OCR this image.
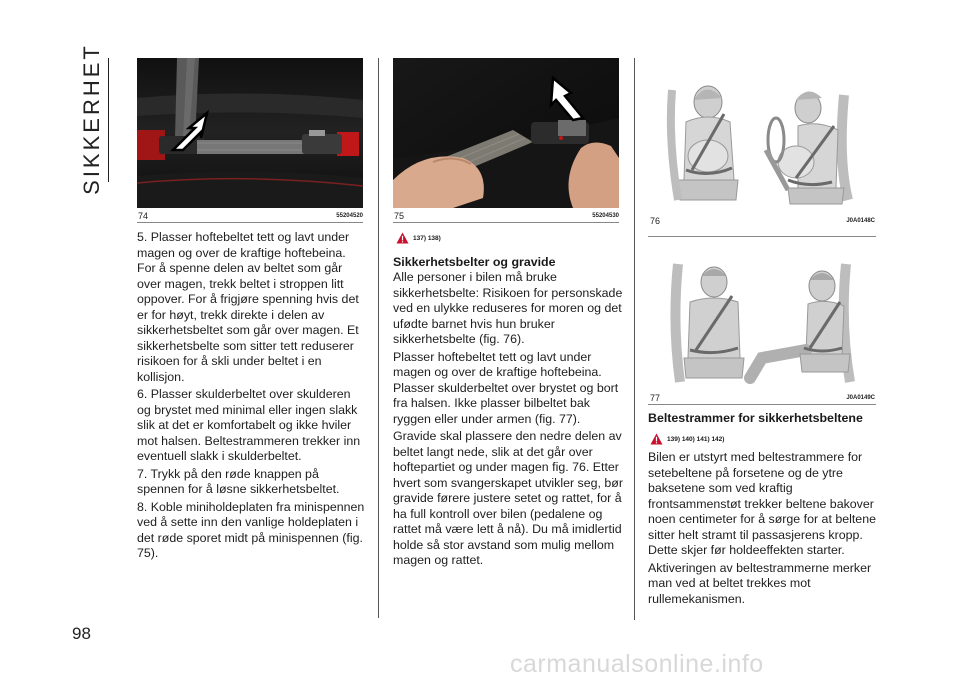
SIKKERHET
98
74	55204520

5. Plasser hoftebeltet tett og lavt under magen og over de kraftige hoftebeina. For å spenne delen av beltet som går over magen, trekk beltet i stroppen litt oppover. For å frigjøre spenning hvis det er for høyt, trekk direkte i delen av sikkerhetsbeltet som går over magen. Et sikkerhetsbelte som sitter tett reduserer risikoen for å skli under beltet i en kollisjon.

6. Plasser skulderbeltet over skulderen og brystet med minimal eller ingen slakk slik at det er komfortabelt og ikke hviler mot halsen. Beltestrammeren trekker inn eventuell slakk i skulderbeltet.

7. Trykk på den røde knappen på spennen for å løsne sikkerhetsbeltet.

8. Koble miniholdeplaten fra minispennen ved å sette inn den vanlige holdeplaten i det røde sporet midt på minispennen (fig. 75).

75	55204530
137) 138)
Sikkerhetsbelter og gravide

Alle personer i bilen må bruke sikkerhetsbelte: Risikoen for personskade ved en ulykke reduseres for moren og det ufødte barnet hvis hun bruker sikkerhetsbelte (fig. 76).

Plasser hoftebeltet tett og lavt under magen og over de kraftige hoftebeina. Plasser skulderbeltet over brystet og bort fra halsen. Ikke plasser bilbeltet bak ryggen eller under armen (fig. 77).

Gravide skal plassere den nedre delen av beltet langt nede, slik at det går over hoftepartiet og under magen fig. 76. Etter hvert som svangerskapet utvikler seg, bør gravide førere justere setet og rattet, for å ha full kontroll over bilen (pedalene og rattet må være lett å nå). Du må imidlertid holde så stor avstand som mulig mellom magen og rattet.

76	J0A0148C
77	J0A0149C
Beltestrammer for sikkerhetsbeltene
139) 140) 141) 142)

Bilen er utstyrt med beltestrammere for setebeltene på forsetene og de ytre baksetene som ved kraftig frontsammenstøt trekker beltene bakover noen centimeter for å sørge for at beltene sitter helt stramt til passasjerens kropp. Dette skjer før holdeeffekten starter.

Aktiveringen av beltestrammerne merker man ved at beltet trekkes mot rullemekanismen.

carmanualsonline.info
